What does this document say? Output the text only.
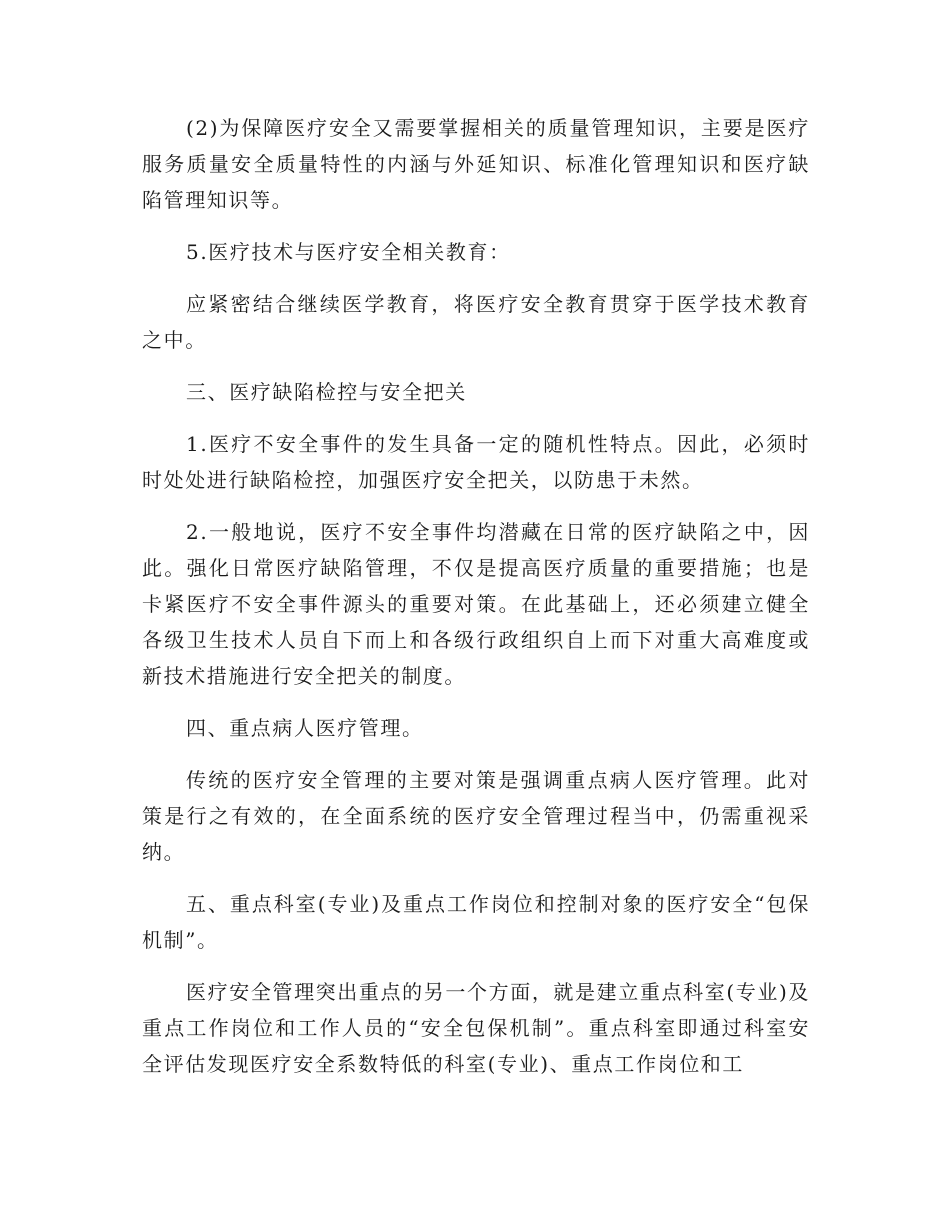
(2)为保障医疗安全又需要掌握相关的质量管理知识，主要是医疗服务质量安全质量特性的内涵与外延知识、标准化管理知识和医疗缺陷管理知识等。

5.医疗技术与医疗安全相关教育：

应紧密结合继续医学教育，将医疗安全教育贯穿于医学技术教育之中。

三、医疗缺陷检控与安全把关

1.医疗不安全事件的发生具备一定的随机性特点。因此，必须时时处处进行缺陷检控，加强医疗安全把关，以防患于未然。

2.一般地说，医疗不安全事件均潜藏在日常的医疗缺陷之中，因此。强化日常医疗缺陷管理，不仅是提高医疗质量的重要措施；也是卡紧医疗不安全事件源头的重要对策。在此基础上，还必须建立健全各级卫生技术人员自下而上和各级行政组织自上而下对重大高难度或新技术措施进行安全把关的制度。

四、重点病人医疗管理。

传统的医疗安全管理的主要对策是强调重点病人医疗管理。此对策是行之有效的，在全面系统的医疗安全管理过程当中，仍需重视采纳。

五、重点科室(专业)及重点工作岗位和控制对象的医疗安全“包保机制”。

医疗安全管理突出重点的另一个方面，就是建立重点科室(专业)及重点工作岗位和工作人员的“安全包保机制”。重点科室即通过科室安全评估发现医疗安全系数特低的科室(专业)、重点工作岗位和工
